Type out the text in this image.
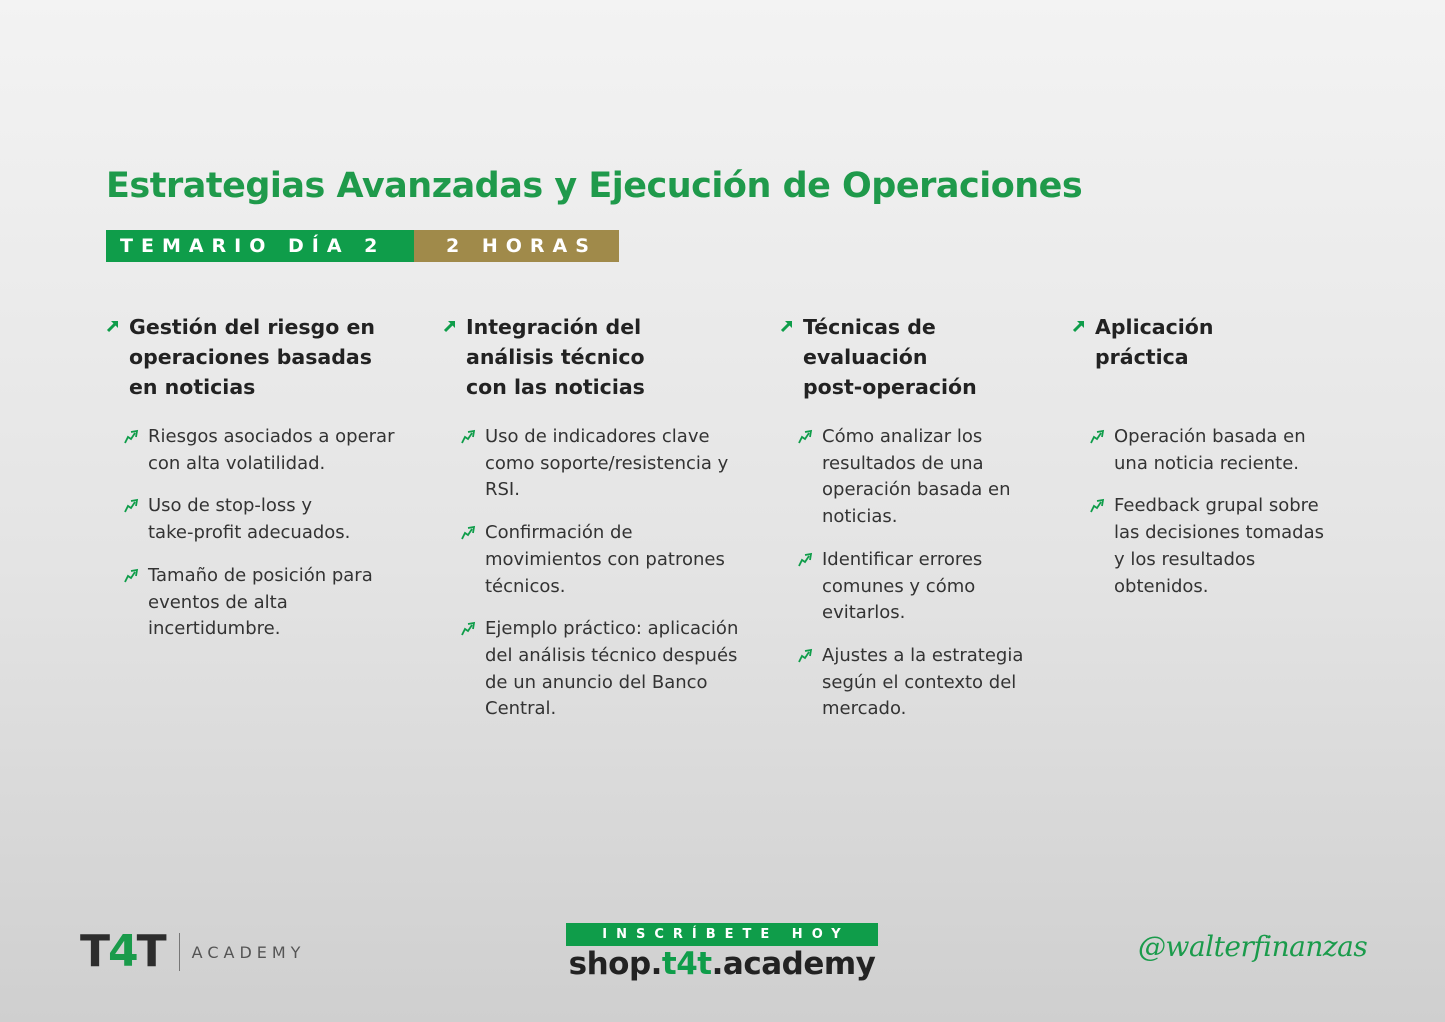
Estrategias Avanzadas y Ejecución de Operaciones
TEMARIO DÍA 2	2 HORAS
Gestión del riesgo en
operaciones basadas
en noticias
Riesgos asociados a operar
con alta volatilidad.
Uso de stop-loss y
take-profit adecuados.
Tamaño de posición para
eventos de alta
incertidumbre.
Integración del
análisis técnico
con las noticias
Uso de indicadores clave
como soporte/resistencia y
RSI.
Confirmación de
movimientos con patrones
técnicos.
Ejemplo práctico: aplicación
del análisis técnico después
de un anuncio del Banco
Central.
Técnicas de
evaluación
post-operación
Cómo analizar los
resultados de una
operación basada en
noticias.
Identificar errores
comunes y cómo
evitarlos.
Ajustes a la estrategia
según el contexto del
mercado.
Aplicación
práctica
Operación basada en
una noticia reciente.
Feedback grupal sobre
las decisiones tomadas
y los resultados
obtenidos.
T4T ACADEMY
INSCRÍBETE HOY
shop.t4t.academy	@walterfinanzas
